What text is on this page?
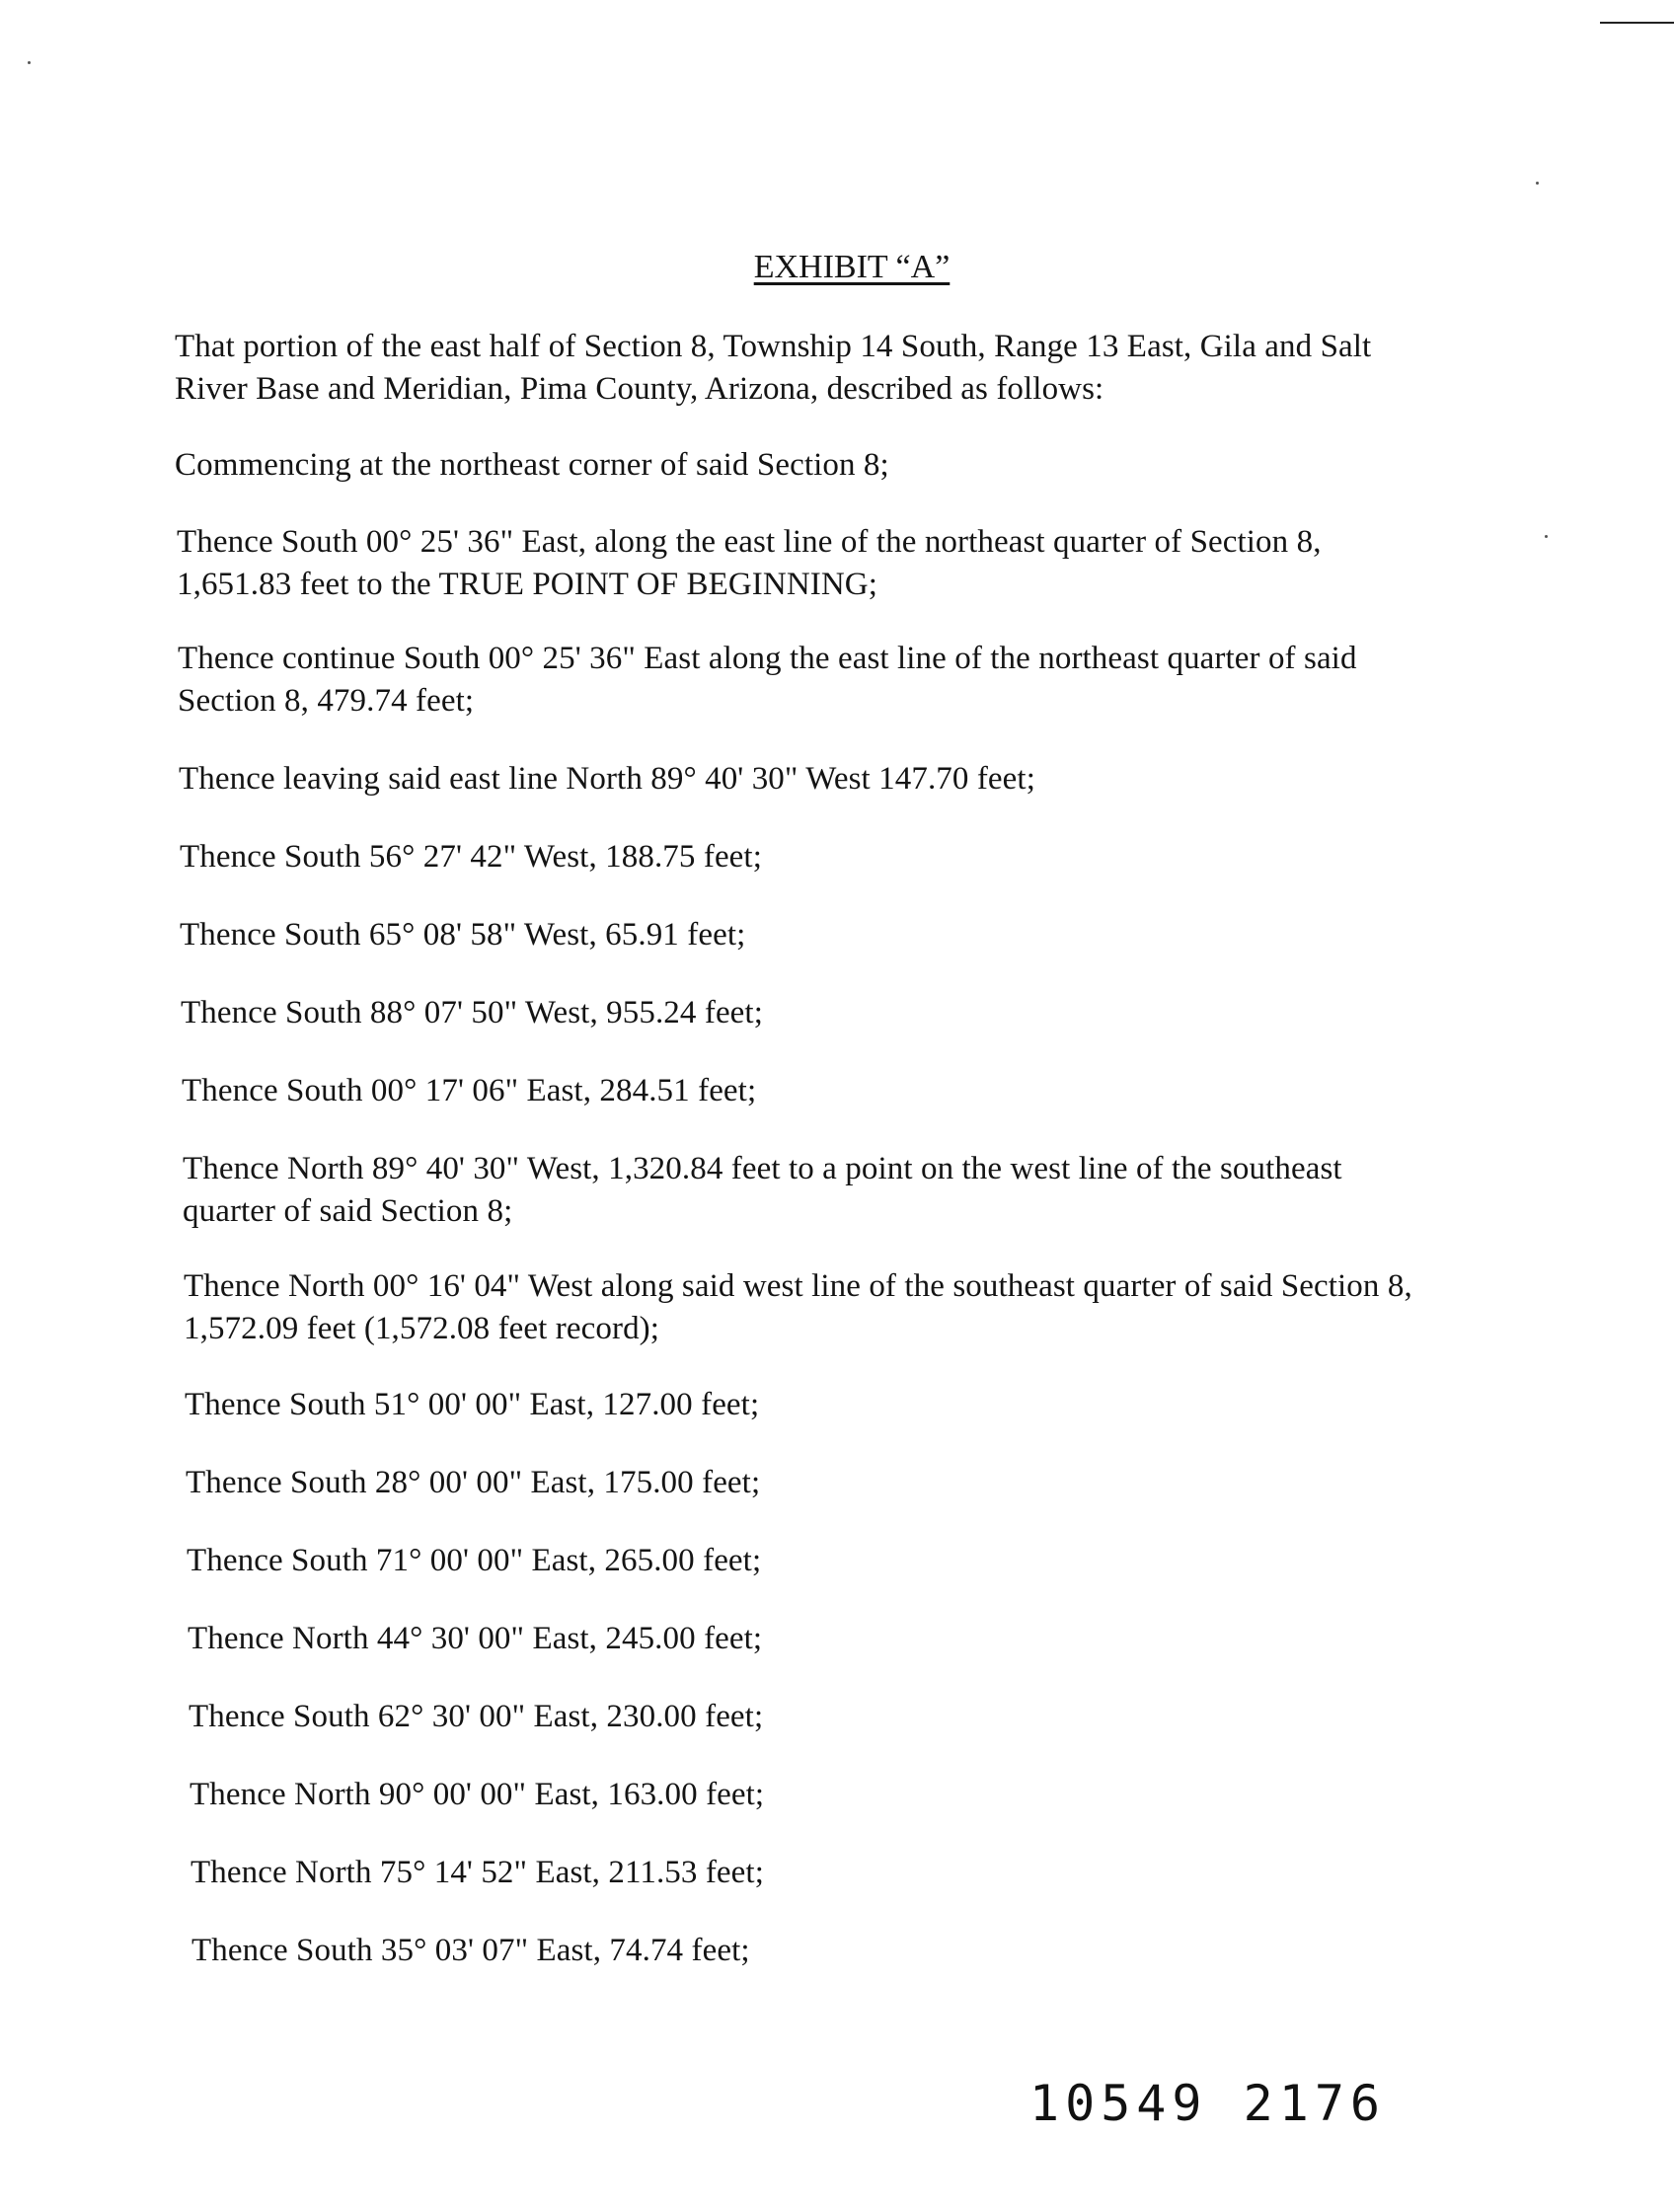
EXHIBIT “A”
That portion of the east half of Section 8, Township 14 South, Range 13 East, Gila and Salt
River Base and Meridian, Pima County, Arizona, described as follows:
Commencing at the northeast corner of said Section 8;
Thence South 00° 25' 36" East, along the east line of the northeast quarter of Section 8,
1,651.83 feet to the TRUE POINT OF BEGINNING;
Thence continue South 00° 25' 36" East along the east line of the northeast quarter of said
Section 8, 479.74 feet;
Thence leaving said east line North 89° 40' 30" West 147.70 feet;
Thence South 56° 27' 42" West, 188.75 feet;
Thence South 65° 08' 58" West, 65.91 feet;
Thence South 88° 07' 50" West, 955.24 feet;
Thence South 00° 17' 06" East, 284.51 feet;
Thence North 89° 40' 30" West, 1,320.84 feet to a point on the west line of the southeast
quarter of said Section 8;
Thence North 00° 16' 04" West along said west line of the southeast quarter of said Section 8,
1,572.09 feet (1,572.08 feet record);
Thence South 51° 00' 00" East, 127.00 feet;
Thence South 28° 00' 00" East, 175.00 feet;
Thence South 71° 00' 00" East, 265.00 feet;
Thence North 44° 30' 00" East, 245.00 feet;
Thence South 62° 30' 00" East, 230.00 feet;
Thence North 90° 00' 00" East, 163.00 feet;
Thence North 75° 14' 52" East, 211.53 feet;
Thence South 35° 03' 07" East, 74.74 feet;
10549 2176
